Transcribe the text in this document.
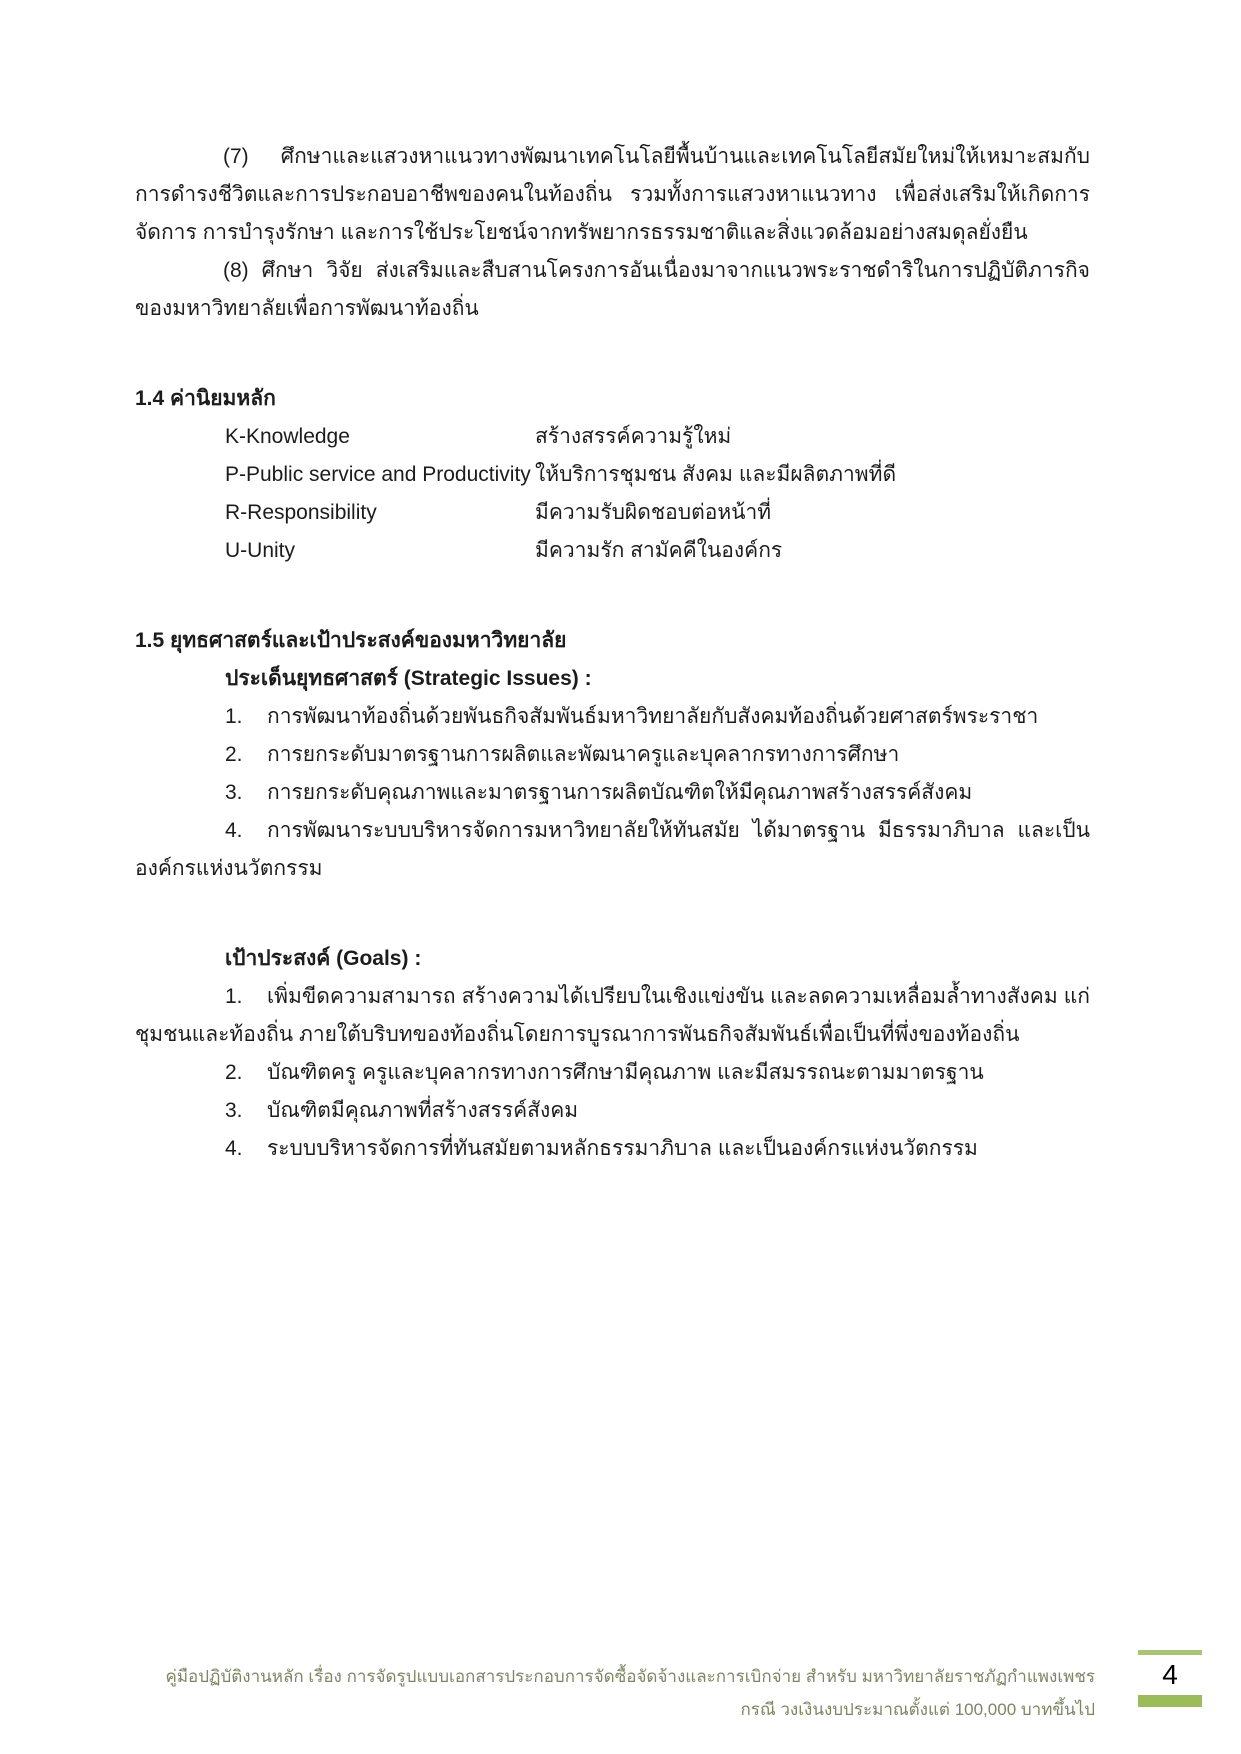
(7) ศึกษาและแสวงหาแนวทางพัฒนาเทคโนโลยีพื้นบ้านและเทคโนโลยีสมัยใหม่ให้เหมาะสมกับการดำรงชีวิตและการประกอบอาชีพของคนในท้องถิ่น รวมทั้งการแสวงหาแนวทาง เพื่อส่งเสริมให้เกิดการจัดการ การบำรุงรักษา และการใช้ประโยชน์จากทรัพยากรธรรมชาติและสิ่งแวดล้อมอย่างสมดุลยั่งยืน

(8) ศึกษา วิจัย ส่งเสริมและสืบสานโครงการอันเนื่องมาจากแนวพระราชดำริในการปฏิบัติภารกิจของมหาวิทยาลัยเพื่อการพัฒนาท้องถิ่น

1.4 ค่านิยมหลัก

K-Knowledge	สร้างสรรค์ความรู้ใหม่
P-Public service and Productivity ให้บริการชุมชน สังคม และมีผลิตภาพที่ดี
R-Responsibility	มีความรับผิดชอบต่อหน้าที่
U-Unity	มีความรัก สามัคคีในองค์กร

1.5 ยุทธศาสตร์และเป้าประสงค์ของมหาวิทยาลัย

ประเด็นยุทธศาสตร์ (Strategic Issues) :

1. การพัฒนาท้องถิ่นด้วยพันธกิจสัมพันธ์มหาวิทยาลัยกับสังคมท้องถิ่นด้วยศาสตร์พระราชา

2. การยกระดับมาตรฐานการผลิตและพัฒนาครูและบุคลากรทางการศึกษา

3. การยกระดับคุณภาพและมาตรฐานการผลิตบัณฑิตให้มีคุณภาพสร้างสรรค์สังคม

4. การพัฒนาระบบบริหารจัดการมหาวิทยาลัยให้ทันสมัย ได้มาตรฐาน มีธรรมาภิบาล และเป็นองค์กรแห่งนวัตกรรม

เป้าประสงค์ (Goals) :

1. เพิ่มขีดความสามารถ สร้างความได้เปรียบในเชิงแข่งขัน และลดความเหลื่อมล้ำทางสังคม แก่ชุมชนและท้องถิ่น ภายใต้บริบทของท้องถิ่นโดยการบูรณาการพันธกิจสัมพันธ์เพื่อเป็นที่พึ่งของท้องถิ่น

2. บัณฑิตครู ครูและบุคลากรทางการศึกษามีคุณภาพ และมีสมรรถนะตามมาตรฐาน

3. บัณฑิตมีคุณภาพที่สร้างสรรค์สังคม

4. ระบบบริหารจัดการที่ทันสมัยตามหลักธรรมาภิบาล และเป็นองค์กรแห่งนวัตกรรม

คู่มือปฏิบัติงานหลัก เรื่อง การจัดรูปแบบเอกสารประกอบการจัดซื้อจัดจ้างและการเบิกจ่าย สำหรับ มหาวิทยาลัยราชภัฏกำแพงเพชร
กรณี วงเงินงบประมาณตั้งแต่ 100,000 บาทขึ้นไป
4
